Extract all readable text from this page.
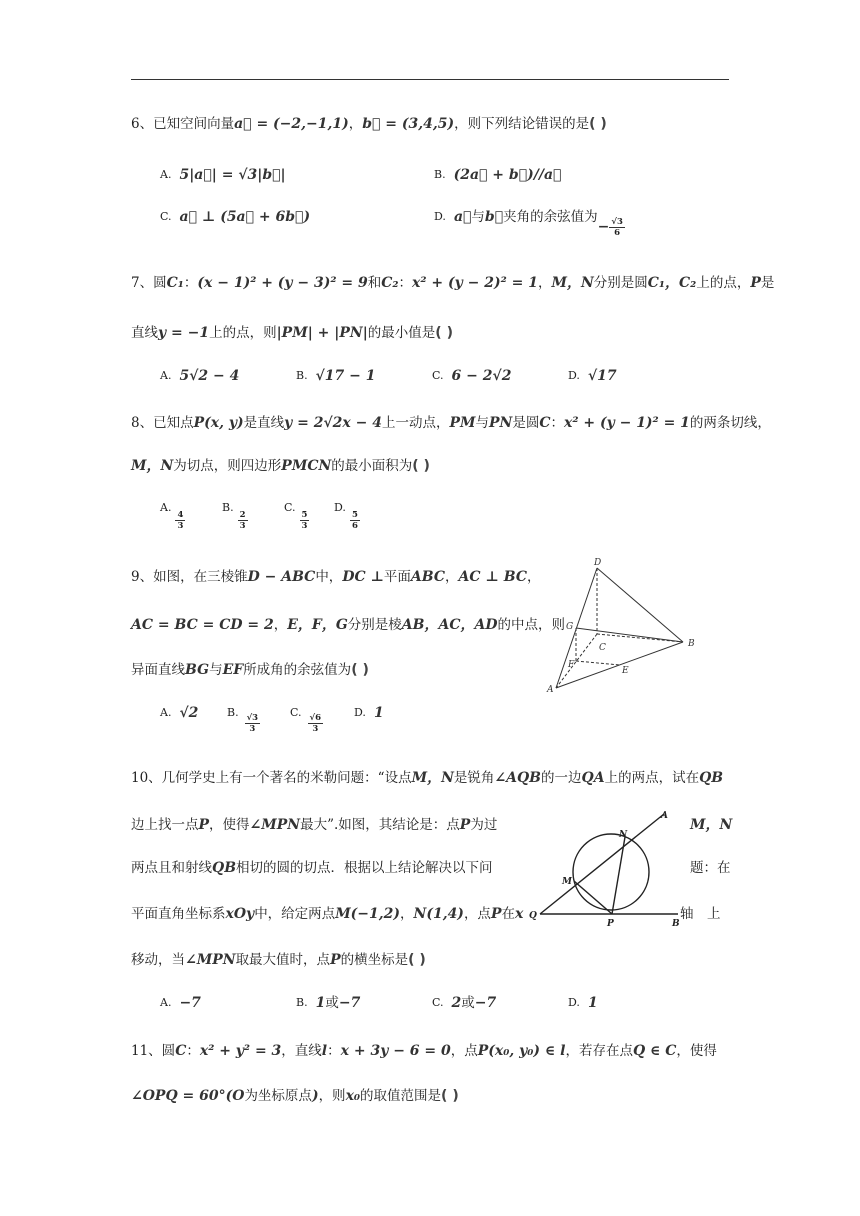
6、已知空间向量a⃗ = (−2,−1,1)，b⃗ = (3,4,5)，则下列结论错误的是( )
$^{A.}$ 5|a⃗| = √3|b⃗|	$^{B.}$ (2a⃗ + b⃗)//a⃗
$^{C.}$ a⃗ ⊥ (5a⃗ + 6b⃗)	$^{D.}$ a⃗与b⃗夹角的余弦值为− $\frac{√3}{6}$
7、圆C₁：(x − 1)² + (y − 3)² = 9和C₂：x² + (y − 2)² = 1，M，N分别是圆C₁，C₂上的点，P是
直线y = −1上的点，则|PM| + |PN|的最小值是( )
$^{A.}$ 5√2 − 4	$^{B.}$ √17 − 1	$^{C.}$ 6 − 2√2	$^{D.}$ √17
8、已知点P(x, y)是直线y = 2√2x − 4上一动点，PM与PN是圆C：x² + (y − 1)² = 1的两条切线，
M，N为切点，则四边形PMCN的最小面积为( )
$^{A.}$
$\frac{4}{3}$
$^{B.}$
$\frac{2}{3}$
$^{C.}$
$\frac{5}{3}$
$^{D.}$
$\frac{5}{6}$
9、如图，在三棱锥D − ABC中，DC ⊥平面ABC，AC ⊥ BC，
AC = BC = CD = 2，E，F，G分别是棱AB，AC，AD的中点，则
异面直线BG与EF所成角的余弦值为( )
$^{A.}$ √2	$^{B.}$
$\frac{√3}{3}$
$^{C.}$
$\frac{√6}{3}$
$^{D.}$ 1
D
G
C	B
F
E
A
10、几何学史上有一个著名的米勒问题：“设点M，N是锐角∠AQB的一边QA上的两点，试在QB
边上找一点P，使得∠MPN最大”.如图，其结论是：点P为过	M，N
两点且和射线QB相切的圆的切点．根据以上结论解决以下问	题：在
平面直角坐标系xOy中，给定两点M(−1,2)，N(1,4)，点P在x	轴　上
移动，当∠MPN取最大值时，点P的横坐标是( )
$^{A.}$ −7	$^{B.}$ 1或−7	$^{C.}$ 2或−7	$^{D.}$ 1
A
N
M
Q
P	B
11、圆C：x² + y² = 3，直线l：x + 3y − 6 = 0，点P(x₀, y₀) ∈ l，若存在点Q ∈ C，使得
∠OPQ = 60°(O为坐标原点)，则x₀的取值范围是( )
